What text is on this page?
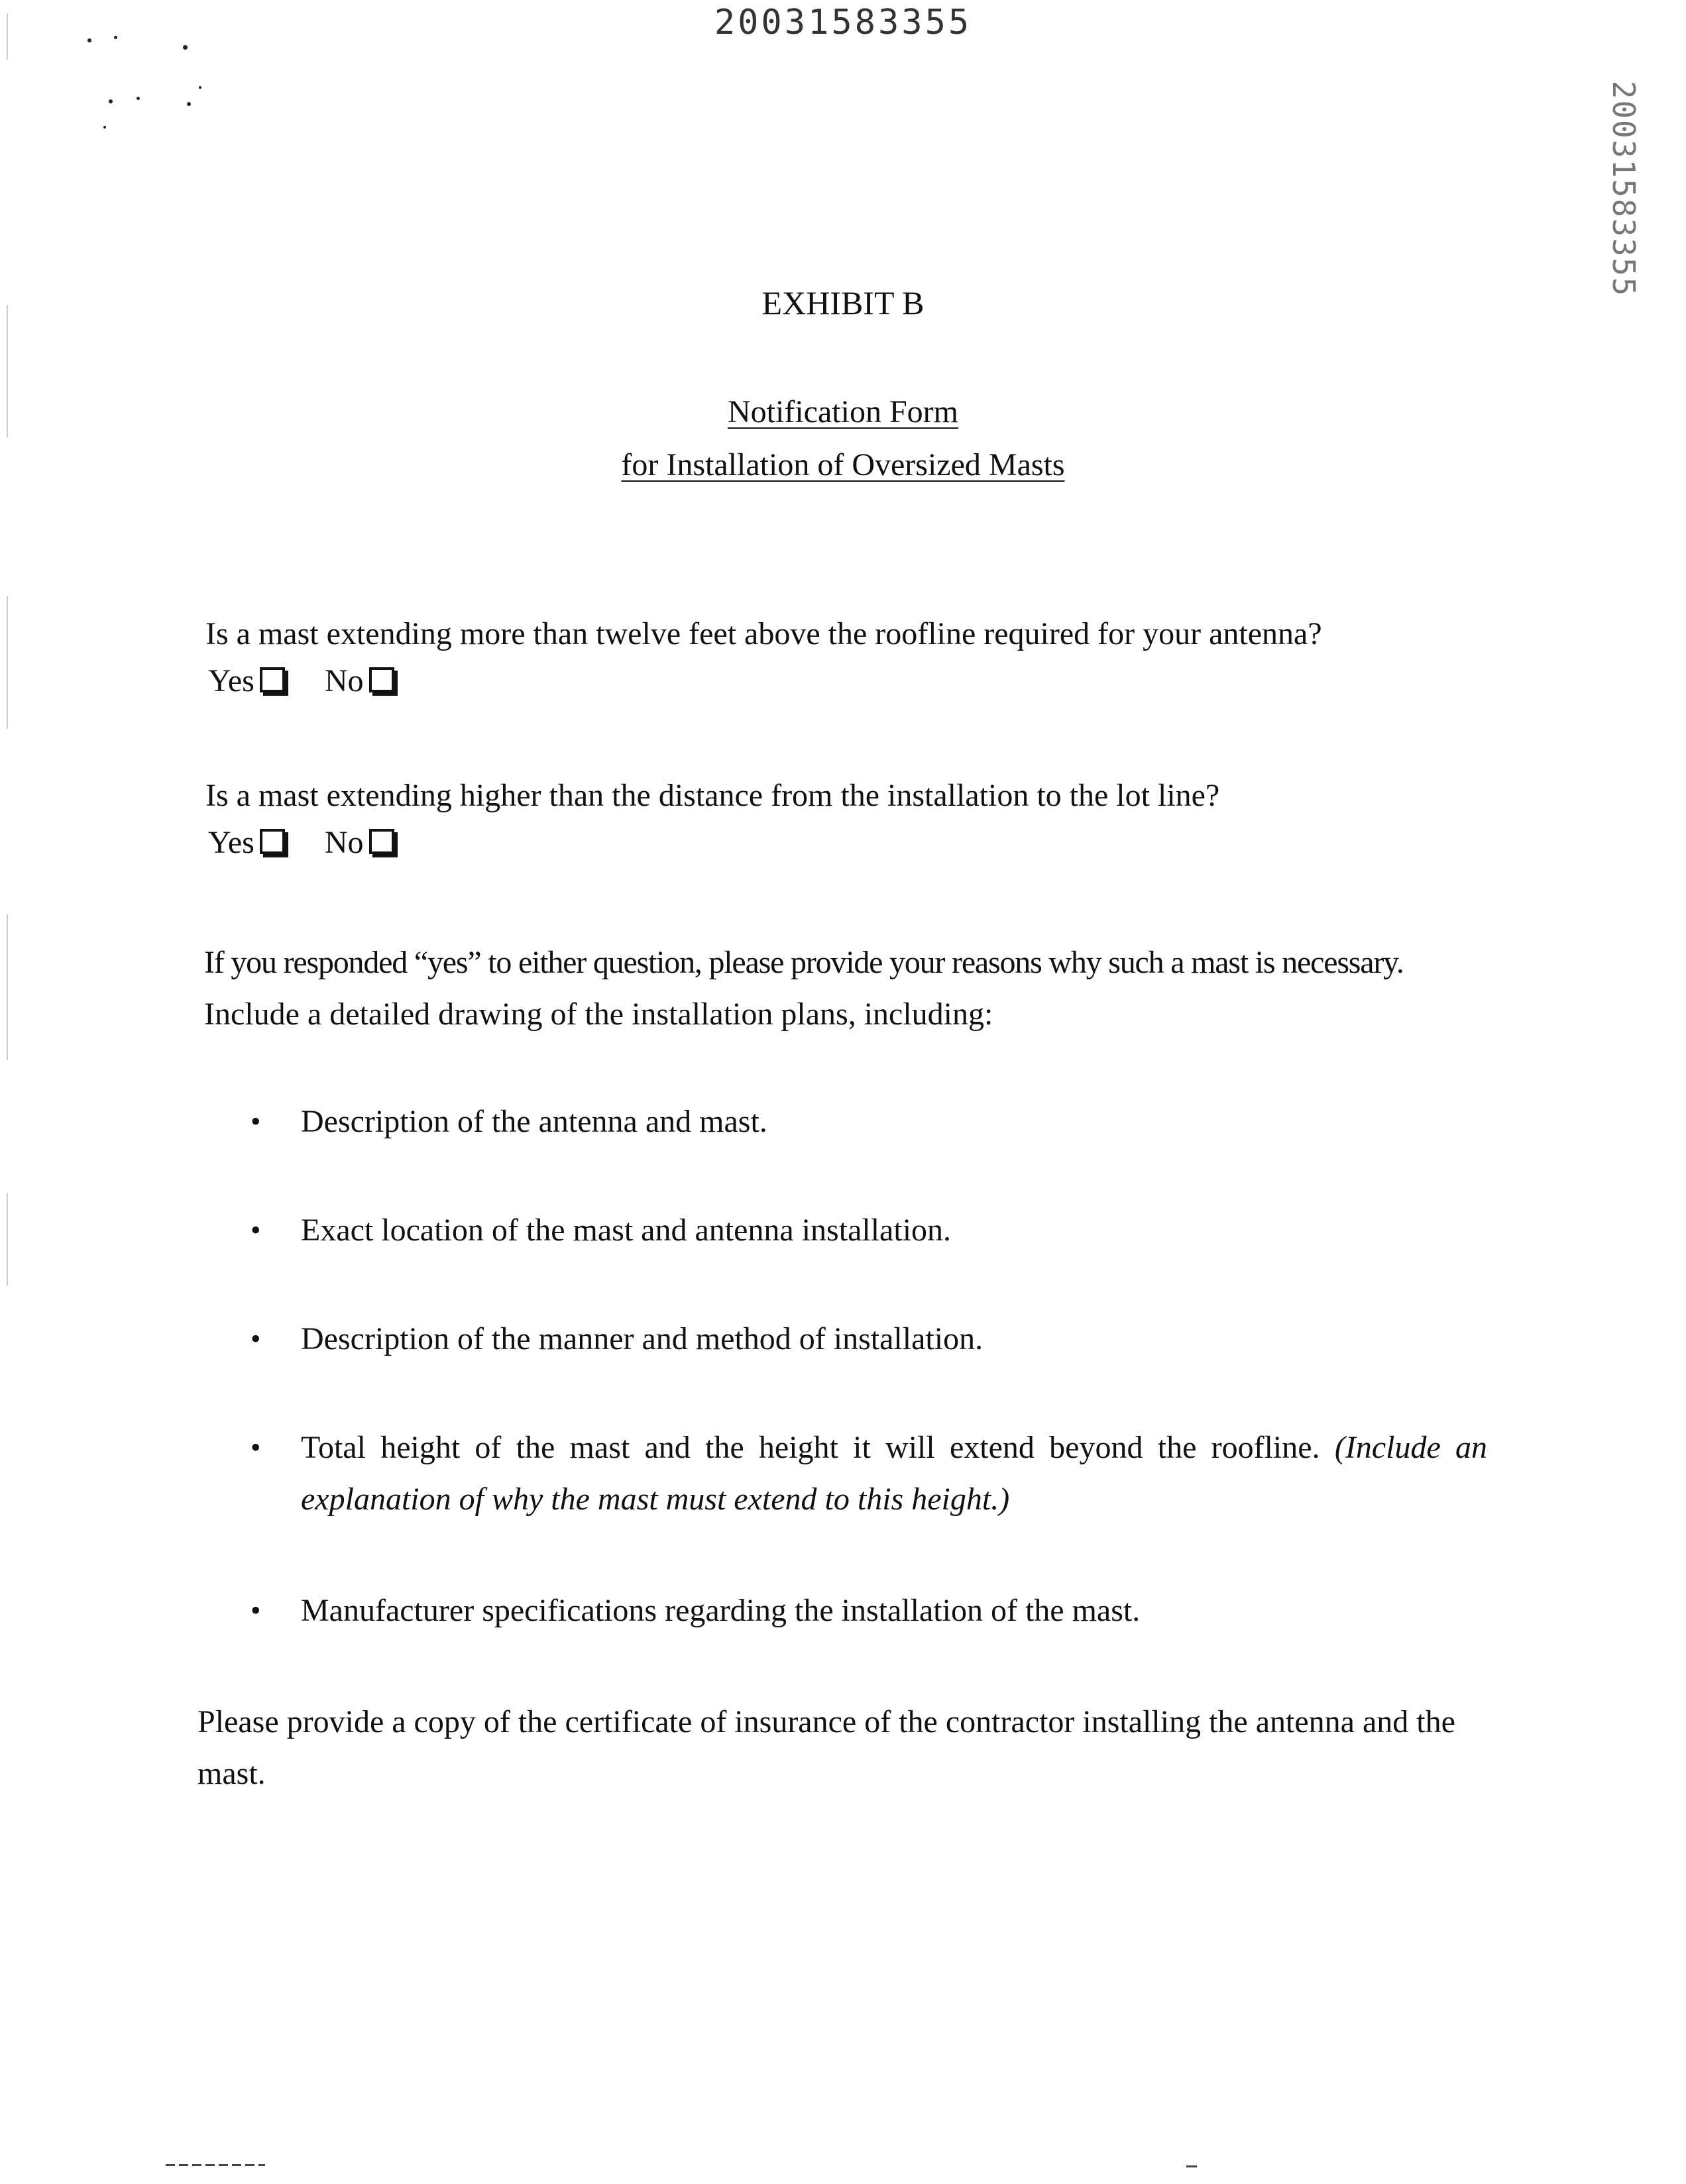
20031583355
20031583355
EXHIBIT B
Notification Form
for Installation of Oversized Masts
Is a mast extending more than twelve feet above the roofline required for your antenna?
Yes No
Is a mast extending higher than the distance from the installation to the lot line?
Yes No
If you responded “yes” to either question, please provide your reasons why such a mast is necessary.
Include a detailed drawing of the installation plans, including:
• Description of the antenna and mast.
• Exact location of the mast and antenna installation.
• Description of the manner and method of installation.
• Total height of the mast and the height it will extend beyond the roofline. (Include an explanation of why the mast must extend to this height.)
• Manufacturer specifications regarding the installation of the mast.
Please provide a copy of the certificate of insurance of the contractor installing the antenna and the
mast.
